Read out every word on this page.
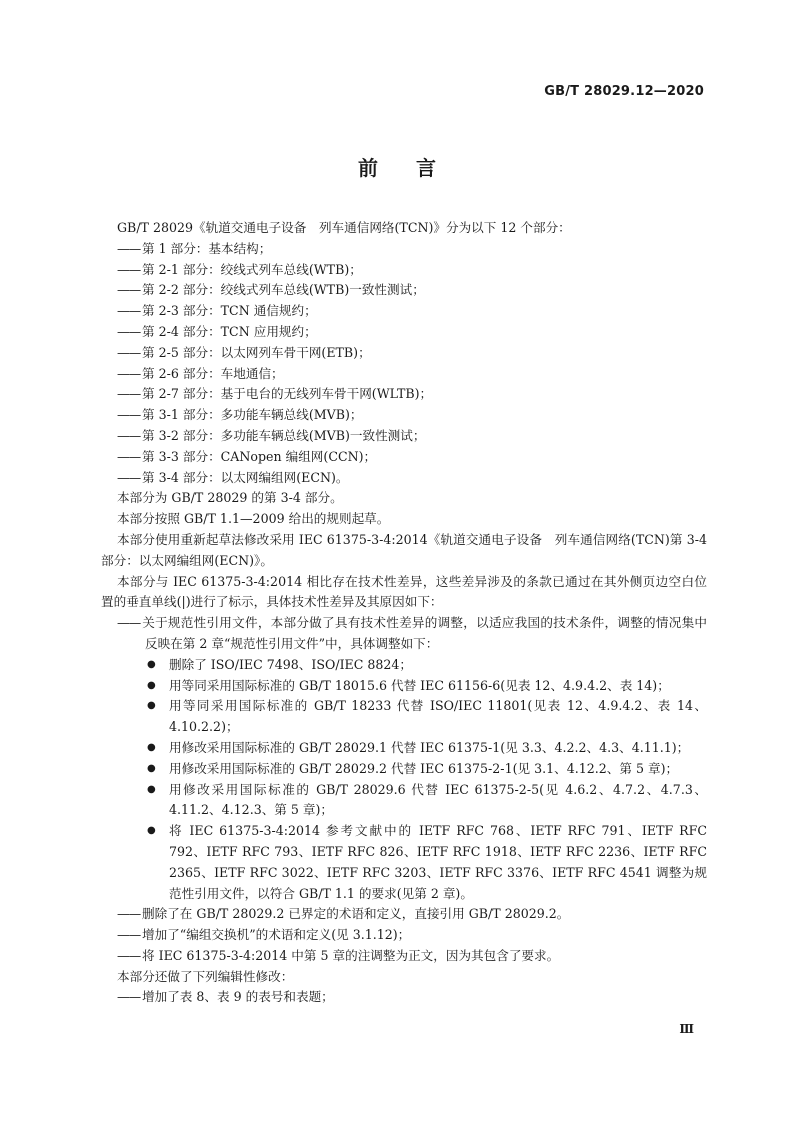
GB/T 28029.12—2020
前言

GB/T 28029《轨道交通电子设备　列车通信网络(TCN)》分为以下 12 个部分：

—— 第 1 部分：基本结构；

—— 第 2-1 部分：绞线式列车总线(WTB)；

—— 第 2-2 部分：绞线式列车总线(WTB)一致性测试；

—— 第 2-3 部分：TCN 通信规约；

—— 第 2-4 部分：TCN 应用规约；

—— 第 2-5 部分：以太网列车骨干网(ETB)；

—— 第 2-6 部分：车地通信；

—— 第 2-7 部分：基于电台的无线列车骨干网(WLTB)；

—— 第 3-1 部分：多功能车辆总线(MVB)；

—— 第 3-2 部分：多功能车辆总线(MVB)一致性测试；

—— 第 3-3 部分：CANopen 编组网(CCN)；

—— 第 3-4 部分：以太网编组网(ECN)。

本部分为 GB/T 28029 的第 3-4 部分。

本部分按照 GB/T 1.1—2009 给出的规则起草。

本部分使用重新起草法修改采用 IEC 61375-3-4:2014《轨道交通电子设备　列车通信网络(TCN)第 3-4 部分：以太网编组网(ECN)》。

本部分与 IEC 61375-3-4:2014 相比存在技术性差异，这些差异涉及的条款已通过在其外侧页边空白位置的垂直单线(|)进行了标示，具体技术性差异及其原因如下：

—— 关于规范性引用文件，本部分做了具有技术性差异的调整，以适应我国的技术条件，调整的情况集中反映在第 2 章“规范性引用文件”中，具体调整如下：

● 删除了 ISO/IEC 7498、ISO/IEC 8824；
● 用等同采用国际标准的 GB/T 18015.6 代替 IEC 61156-6(见表 12、4.9.4.2、表 14)；
● 用等同采用国际标准的 GB/T 18233 代替 ISO/IEC 11801(见表 12、4.9.4.2、表 14、4.10.2.2)；
● 用修改采用国际标准的 GB/T 28029.1 代替 IEC 61375-1(见 3.3、4.2.2、4.3、4.11.1)；
● 用修改采用国际标准的 GB/T 28029.2 代替 IEC 61375-2-1(见 3.1、4.12.2、第 5 章)；
● 用修改采用国际标准的 GB/T 28029.6 代替 IEC 61375-2-5(见 4.6.2、4.7.2、4.7.3、4.11.2、4.12.3、第 5 章)；
● 将 IEC 61375-3-4:2014 参考文献中的 IETF RFC 768、IETF RFC 791、IETF RFC 792、IETF RFC 793、IETF RFC 826、IETF RFC 1918、IETF RFC 2236、IETF RFC 2365、IETF RFC 3022、IETF RFC 3203、IETF RFC 3376、IETF RFC 4541 调整为规范性引用文件，以符合 GB/T 1.1 的要求(见第 2 章)。

—— 删除了在 GB/T 28029.2 已界定的术语和定义，直接引用 GB/T 28029.2。

—— 增加了“编组交换机”的术语和定义(见 3.1.12)；

—— 将 IEC 61375-3-4:2014 中第 5 章的注调整为正文，因为其包含了要求。

本部分还做了下列编辑性修改：

—— 增加了表 8、表 9 的表号和表题；

Ⅲ
